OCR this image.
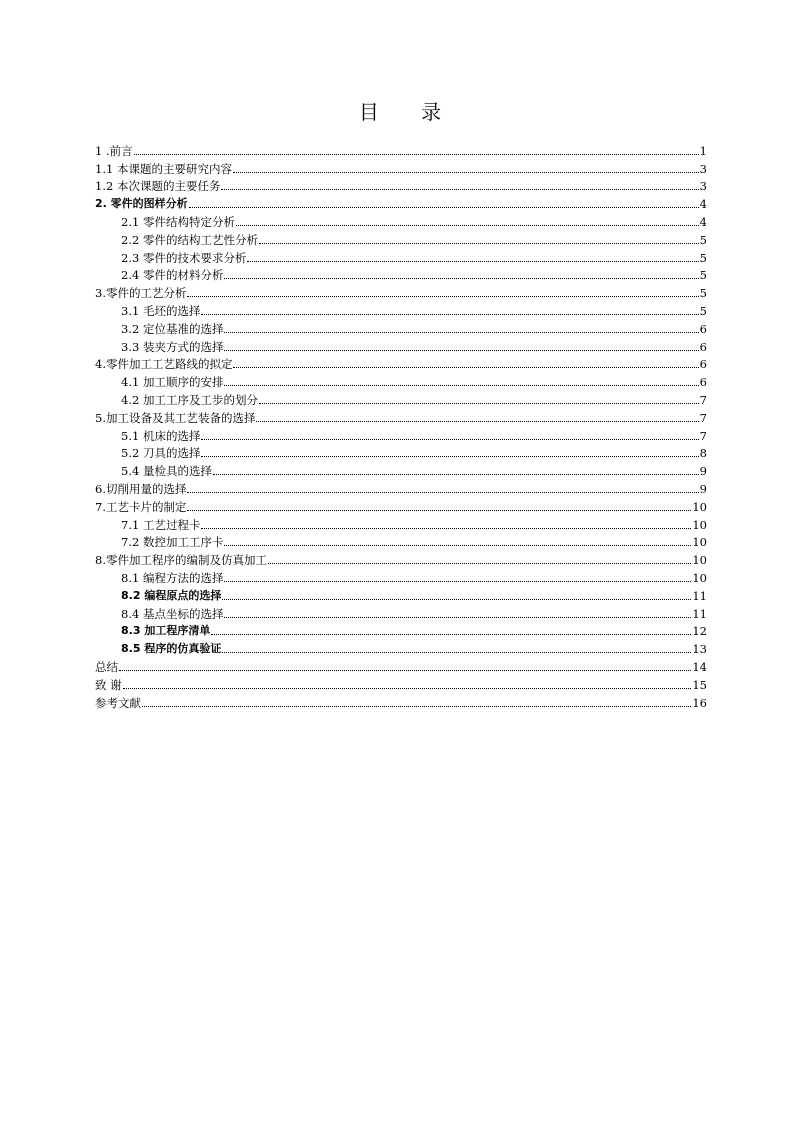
目 录
1 .前言	1
1.1 本课题的主要研究内容	3
1.2 本次课题的主要任务	3
2. 零件的图样分析	4
2.1 零件结构特定分析	4
2.2 零件的结构工艺性分析	5
2.3 零件的技术要求分析	5
2.4 零件的材料分析	5
3.零件的工艺分析	5
3.1 毛坯的选择	5
3.2 定位基准的选择	6
3.3 装夹方式的选择	6
4.零件加工工艺路线的拟定	6
4.1 加工顺序的安排	6
4.2 加工工序及工步的划分	7
5.加工设备及其工艺装备的选择	7
5.1 机床的选择	7
5.2 刀具的选择	8
5.4 量检具的选择	9
6.切削用量的选择	9
7.工艺卡片的制定	10
7.1 工艺过程卡	10
7.2 数控加工工序卡	10
8.零件加工程序的编制及仿真加工	10
8.1 编程方法的选择	10
8.2 编程原点的选择	11
8.4 基点坐标的选择	11
8.3 加工程序清单	12
8.5 程序的仿真验证	13
总结	14
致 谢	15
参考文献	16
